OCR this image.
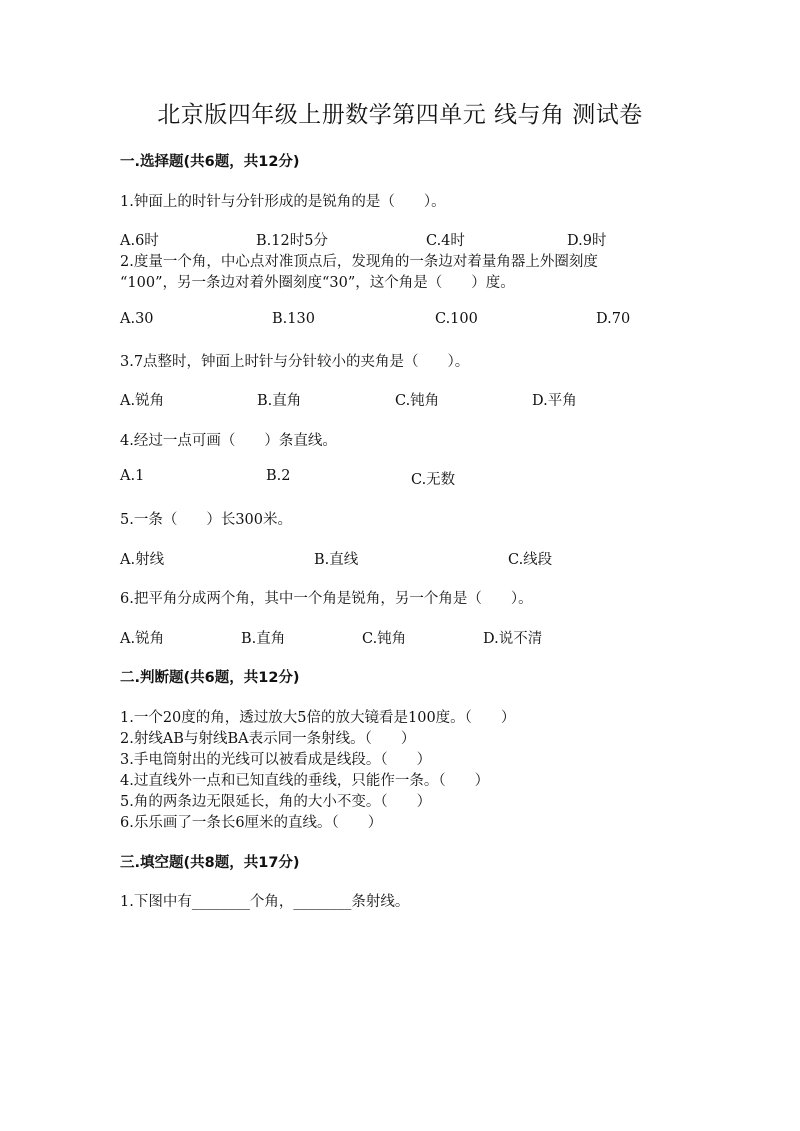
北京版四年级上册数学第四单元 线与角 测试卷
一.选择题(共6题，共12分)
1.钟面上的时针与分针形成的是锐角的是（　　）。
A.6时	B.12时5分	C.4时	D.9时
2.度量一个角，中心点对准顶点后，发现角的一条边对着量角器上外圈刻度
“100”，另一条边对着外圈刻度“30”，这个角是（　　）度。
A.30	B.130	C.100	D.70
3.7点整时，钟面上时针与分针较小的夹角是（　　）。
A.锐角	B.直角	C.钝角	D.平角
4.经过一点可画（　　）条直线。
A.1	B.2	C.无数
5.一条（　　）长300米。
A.射线	B.直线	C.线段
6.把平角分成两个角，其中一个角是锐角，另一个角是（　　）。
A.锐角	B.直角	C.钝角	D.说不清
二.判断题(共6题，共12分)
1.一个20度的角，透过放大5倍的放大镜看是100度。（　　）
2.射线AB与射线BA表示同一条射线。（　　）
3.手电筒射出的光线可以被看成是线段。（　　）
4.过直线外一点和已知直线的垂线，只能作一条。（　　）
5.角的两条边无限延长，角的大小不变。（　　）
6.乐乐画了一条长6厘米的直线。（　　）
三.填空题(共8题，共17分)
1.下图中有________个角，________条射线。
